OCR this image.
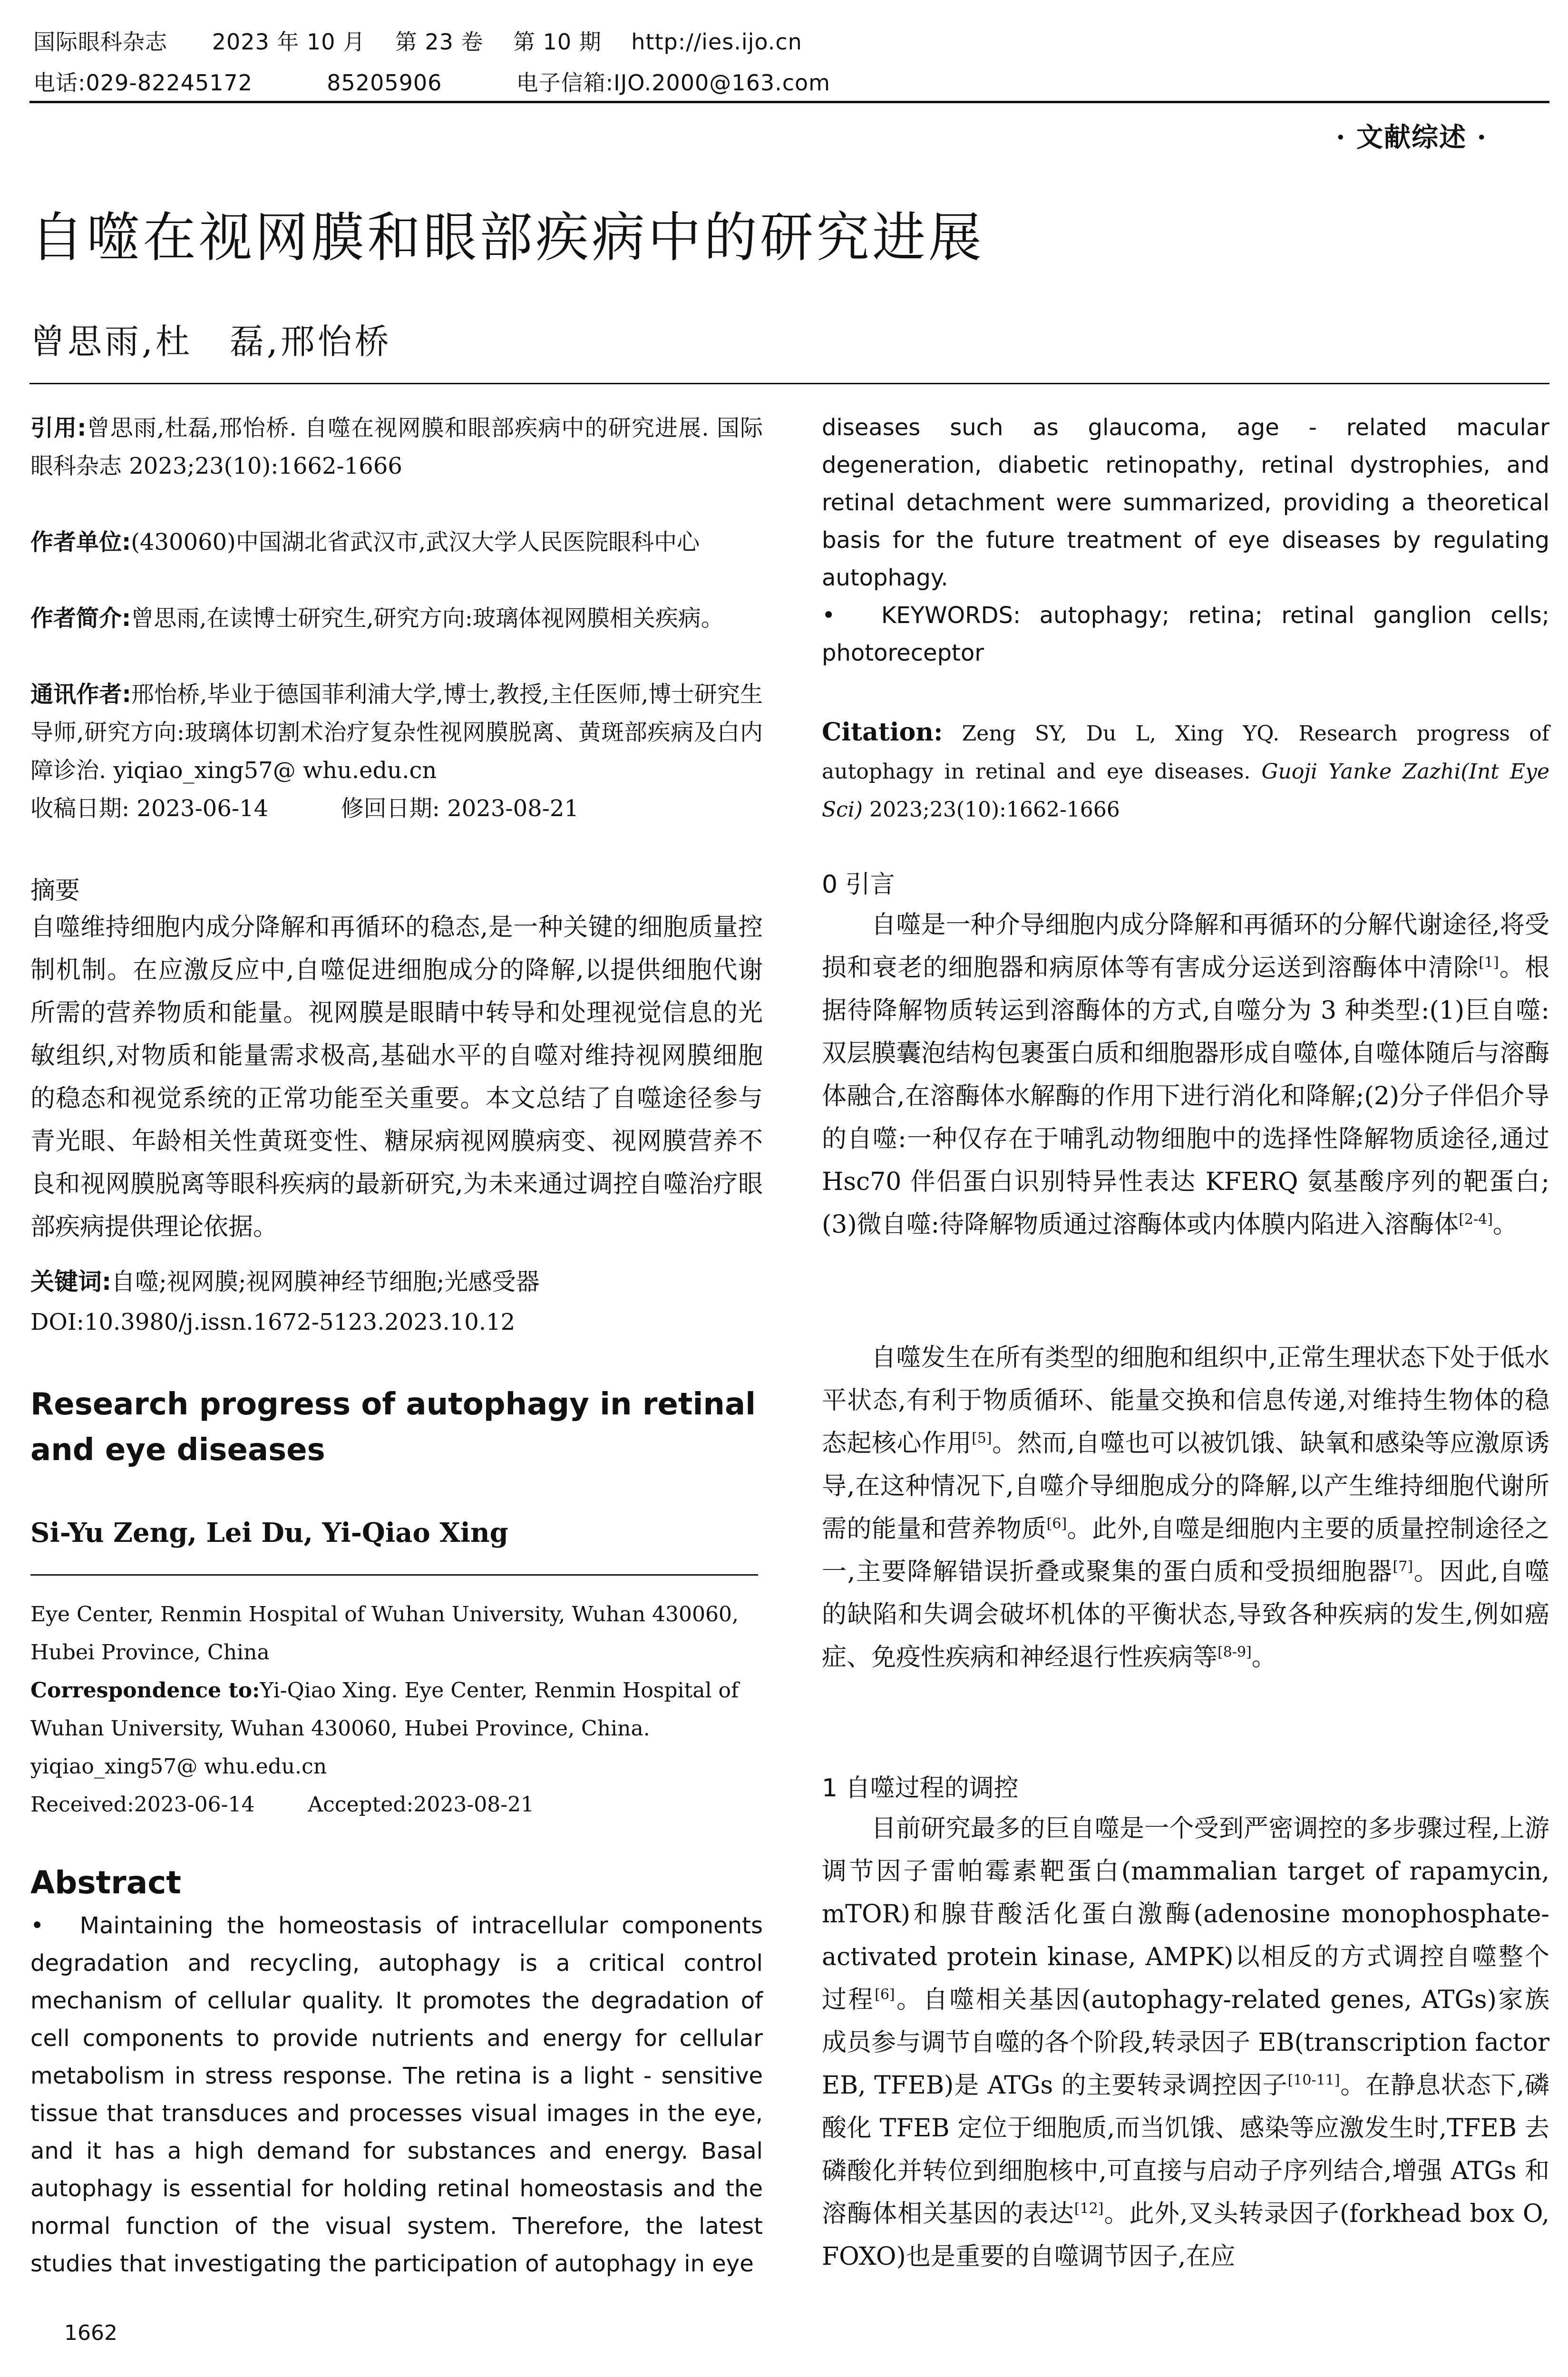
国际眼科杂志 2023 年 10 月 第 23 卷 第 10 期 http://ies.ijo.cn
电话:029-82245172	85205906	电子信箱:IJO.2000@163.com
· 文献综述 ·
自噬在视网膜和眼部疾病中的研究进展
曾思雨,杜　磊,邢怡桥
引用:曾思雨,杜磊,邢怡桥. 自噬在视网膜和眼部疾病中的研究进展. 国际眼科杂志 2023;23(10):1662-1666
作者单位:(430060)中国湖北省武汉市,武汉大学人民医院眼科中心
作者简介:曾思雨,在读博士研究生,研究方向:玻璃体视网膜相关疾病。
通讯作者:邢怡桥,毕业于德国菲利浦大学,博士,教授,主任医师,博士研究生导师,研究方向:玻璃体切割术治疗复杂性视网膜脱离、黄斑部疾病及白内障诊治. yiqiao_xing57@ whu.edu.cn
收稿日期: 2023-06-14	修回日期: 2023-08-21
摘要
自噬维持细胞内成分降解和再循环的稳态,是一种关键的细胞质量控制机制。在应激反应中,自噬促进细胞成分的降解,以提供细胞代谢所需的营养物质和能量。视网膜是眼睛中转导和处理视觉信息的光敏组织,对物质和能量需求极高,基础水平的自噬对维持视网膜细胞的稳态和视觉系统的正常功能至关重要。本文总结了自噬途径参与青光眼、年龄相关性黄斑变性、糖尿病视网膜病变、视网膜营养不良和视网膜脱离等眼科疾病的最新研究,为未来通过调控自噬治疗眼部疾病提供理论依据。
关键词:自噬;视网膜;视网膜神经节细胞;光感受器
DOI:10.3980/j.issn.1672-5123.2023.10.12
Research progress of autophagy in retinal and eye diseases
Si-Yu Zeng, Lei Du, Yi-Qiao Xing
Eye Center, Renmin Hospital of Wuhan University, Wuhan 430060, Hubei Province, China
Correspondence to:Yi-Qiao Xing. Eye Center, Renmin Hospital of Wuhan University, Wuhan 430060, Hubei Province, China. yiqiao_xing57@ whu.edu.cn
Received:2023-06-14	Accepted:2023-08-21
Abstract
•　Maintaining the homeostasis of intracellular components degradation and recycling, autophagy is a critical control mechanism of cellular quality. It promotes the degradation of cell components to provide nutrients and energy for cellular metabolism in stress response. The retina is a light - sensitive tissue that transduces and processes visual images in the eye, and it has a high demand for substances and energy. Basal autophagy is essential for holding retinal homeostasis and the normal function of the visual system. Therefore, the latest studies that investigating the participation of autophagy in eye
1662
diseases such as glaucoma, age - related macular degeneration, diabetic retinopathy, retinal dystrophies, and retinal detachment were summarized, providing a theoretical basis for the future treatment of eye diseases by regulating autophagy.
•　KEYWORDS: autophagy; retina; retinal ganglion cells; photoreceptor
Citation: Zeng SY, Du L, Xing YQ. Research progress of autophagy in retinal and eye diseases. Guoji Yanke Zazhi(Int Eye Sci) 2023;23(10):1662-1666
0 引言
自噬是一种介导细胞内成分降解和再循环的分解代谢途径,将受损和衰老的细胞器和病原体等有害成分运送到溶酶体中清除[1]。根据待降解物质转运到溶酶体的方式,自噬分为 3 种类型:(1)巨自噬:双层膜囊泡结构包裹蛋白质和细胞器形成自噬体,自噬体随后与溶酶体融合,在溶酶体水解酶的作用下进行消化和降解;(2)分子伴侣介导的自噬:一种仅存在于哺乳动物细胞中的选择性降解物质途径,通过 Hsc70 伴侣蛋白识别特异性表达 KFERQ 氨基酸序列的靶蛋白;(3)微自噬:待降解物质通过溶酶体或内体膜内陷进入溶酶体[2-4]。
自噬发生在所有类型的细胞和组织中,正常生理状态下处于低水平状态,有利于物质循环、能量交换和信息传递,对维持生物体的稳态起核心作用[5]。然而,自噬也可以被饥饿、缺氧和感染等应激原诱导,在这种情况下,自噬介导细胞成分的降解,以产生维持细胞代谢所需的能量和营养物质[6]。此外,自噬是细胞内主要的质量控制途径之一,主要降解错误折叠或聚集的蛋白质和受损细胞器[7]。因此,自噬的缺陷和失调会破坏机体的平衡状态,导致各种疾病的发生,例如癌症、免疫性疾病和神经退行性疾病等[8-9]。
1 自噬过程的调控
目前研究最多的巨自噬是一个受到严密调控的多步骤过程,上游调节因子雷帕霉素靶蛋白(mammalian target of rapamycin, mTOR)和腺苷酸活化蛋白激酶(adenosine monophosphate-activated protein kinase, AMPK)以相反的方式调控自噬整个过程[6]。自噬相关基因(autophagy-related genes, ATGs)家族成员参与调节自噬的各个阶段,转录因子 EB(transcription factor EB, TFEB)是 ATGs 的主要转录调控因子[10-11]。在静息状态下,磷酸化 TFEB 定位于细胞质,而当饥饿、感染等应激发生时,TFEB 去磷酸化并转位到细胞核中,可直接与启动子序列结合,增强 ATGs 和溶酶体相关基因的表达[12]。此外,叉头转录因子(forkhead box O, FOXO)也是重要的自噬调节因子,在应
